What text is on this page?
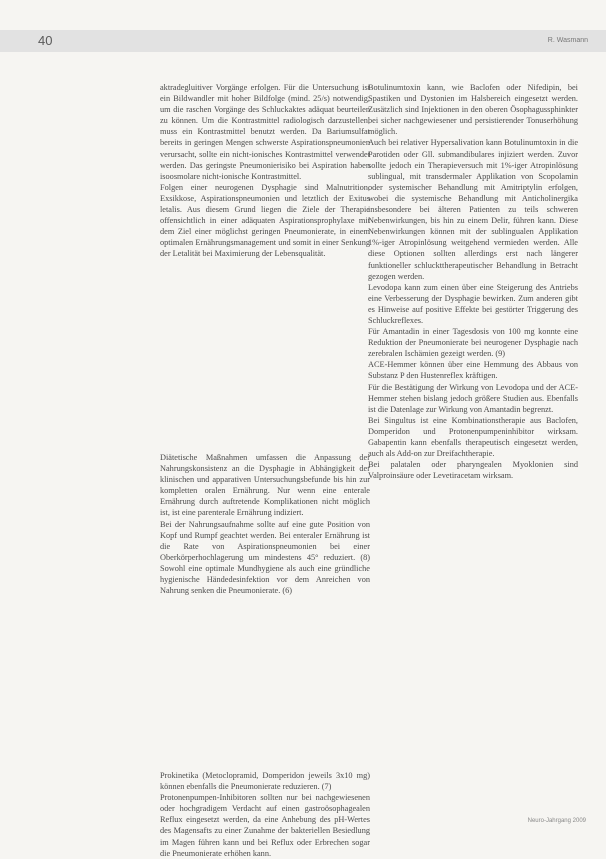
40	R. Wasmann

aktradegluitiver Vorgänge erfolgen. Für die Untersuchung ist ein Bildwandler mit hoher Bildfolge (mind. 25/s) notwendig, um die raschen Vorgänge des Schluckaktes adäquat beurteilen zu können. Um die Kontrastmittel radiologisch darzustellen, muss ein Kontrastmittel benutzt werden. Da Bariumsulfat bereits in geringen Mengen schwerste Aspirationspneumonien verursacht, sollte ein nicht-ionisches Kontrastmittel verwendet werden. Das geringste Pneumonierisiko bei Aspiration haben isoosmolare nicht-ionische Kontrastmittel.

Folgen einer neurogenen Dysphagie sind Malnutrition, Exsikkose, Aspirationspneumonien und letztlich der Exitus letalis. Aus diesem Grund liegen die Ziele der Therapie offensichtlich in einer adäquaten Aspirationsprophylaxe mit dem Ziel einer möglichst geringen Pneumonierate, in einem optimalen Ernährungsmanagement und somit in einer Senkung der Letalität bei Maximierung der Lebensqualität.

Diätetische Maßnahmen umfassen die Anpassung der Nahrungskonsistenz an die Dysphagie in Abhängigkeit der klinischen und apparativen Untersuchungsbefunde bis hin zur kompletten oralen Ernährung. Nur wenn eine enterale Ernährung durch auftretende Komplikationen nicht möglich ist, ist eine parenterale Ernährung indiziert.

Bei der Nahrungsaufnahme sollte auf eine gute Position von Kopf und Rumpf geachtet werden. Bei enteraler Ernährung ist die Rate von Aspirationspneumonien bei einer Oberkörperhochlagerung um mindestens 45° reduziert. (8) Sowohl eine optimale Mundhygiene als auch eine gründliche hygienische Händedesinfektion vor dem Anreichen von Nahrung senken die Pneumonierate. (6)

Prokinetika (Metoclopramid, Domperidon jeweils 3x10 mg) können ebenfalls die Pneumonierate reduzieren. (7)

Protonenpumpen-Inhibitoren sollten nur bei nachgewiesenen oder hochgradigem Verdacht auf einen gastroösophagealen Reflux eingesetzt werden, da eine Anhebung des pH-Wertes des Magensafts zu einer Zunahme der bakteriellen Besiedlung im Magen führen kann und bei Reflux oder Erbrechen sogar die Pneumonierate erhöhen kann.

Botulinumtoxin kann, wie Baclofen oder Nifedipin, bei Spastiken und Dystonien im Halsbereich eingesetzt werden. Zusätzlich sind Injektionen in den oberen Ösophagussphinkter bei sicher nachgewiesener und persistierender Tonuserhöhung möglich.

Auch bei relativer Hypersalivation kann Botulinumtoxin in die Parotiden oder Gll. submandibulares injiziert werden. Zuvor sollte jedoch ein Therapieversuch mit 1%-iger Atropinlösung sublingual, mit transdermaler Applikation von Scopolamin oder systemischer Behandlung mit Amitriptylin erfolgen, wobei die systemische Behandlung mit Anticholinergika insbesondere bei älteren Patienten zu teils schweren Nebenwirkungen, bis hin zu einem Delir, führen kann. Diese Nebenwirkungen können mit der sublingualen Applikation 1%-iger Atropinlösung weitgehend vermieden werden. Alle diese Optionen sollten allerdings erst nach längerer funktioneller schluckttherapeutischer Behandlung in Betracht gezogen werden.

Levodopa kann zum einen über eine Steigerung des Antriebs eine Verbesserung der Dysphagie bewirken. Zum anderen gibt es Hinweise auf positive Effekte bei gestörter Triggerung des Schluckreflexes.

Für Amantadin in einer Tagesdosis von 100 mg konnte eine Reduktion der Pneumonierate bei neurogener Dysphagie nach zerebralen Ischämien gezeigt werden. (9)

ACE-Hemmer können über eine Hemmung des Abbaus von Substanz P den Hustenreflex kräftigen.

Für die Bestätigung der Wirkung von Levodopa und der ACE-Hemmer stehen bislang jedoch größere Studien aus. Ebenfalls ist die Datenlage zur Wirkung von Amantadin begrenzt.

Bei Singultus ist eine Kombinationstherapie aus Baclofen, Domperidon und Protonenpumpeninhibitor wirksam. Gabapentin kann ebenfalls therapeutisch eingesetzt werden, auch als Add-on zur Dreifachtherapie.

Bei palatalen oder pharyngealen Myoklonien sind Valproinsäure oder Levetiracetam wirksam.

Neuro-Jahrgang 2009
